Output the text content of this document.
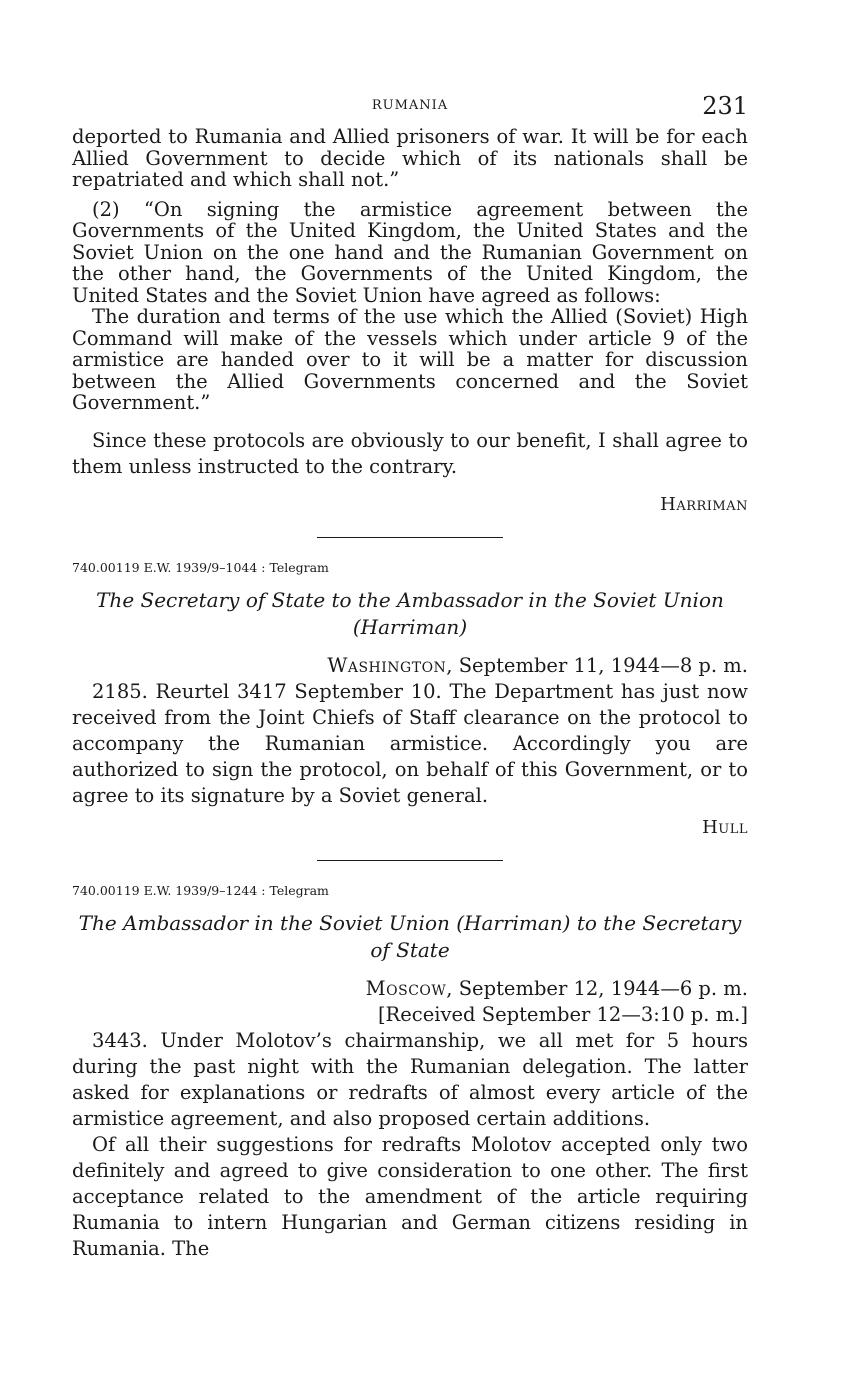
RUMANIA	231

deported to Rumania and Allied prisoners of war. It will be for each Allied Government to decide which of its nationals shall be repatriated and which shall not.”

(2) “On signing the armistice agreement between the Governments of the United Kingdom, the United States and the Soviet Union on the one hand and the Rumanian Government on the other hand, the Governments of the United Kingdom, the United States and the Soviet Union have agreed as follows:

The duration and terms of the use which the Allied (Soviet) High Command will make of the vessels which under article 9 of the armistice are handed over to it will be a matter for discussion between the Allied Governments concerned and the Soviet Government.”

Since these protocols are obviously to our benefit, I shall agree to them unless instructed to the contrary.

Harriman
740.00119 E.W. 1939/9–1044 : Telegram
The Secretary of State to the Ambassador in the Soviet Union
(Harriman)
Washington, September 11, 1944—8 p. m.

2185. Reurtel 3417 September 10. The Department has just now received from the Joint Chiefs of Staff clearance on the protocol to accompany the Rumanian armistice. Accordingly you are authorized to sign the protocol, on behalf of this Government, or to agree to its signature by a Soviet general.

Hull
740.00119 E.W. 1939/9–1244 : Telegram
The Ambassador in the Soviet Union (Harriman) to the Secretary
of State
Moscow, September 12, 1944—6 p. m.
[Received September 12—3:10 p. m.]

3443. Under Molotov’s chairmanship, we all met for 5 hours during the past night with the Rumanian delegation. The latter asked for explanations or redrafts of almost every article of the armistice agreement, and also proposed certain additions.

Of all their suggestions for redrafts Molotov accepted only two definitely and agreed to give consideration to one other. The first acceptance related to the amendment of the article requiring Rumania to intern Hungarian and German citizens residing in Rumania. The
